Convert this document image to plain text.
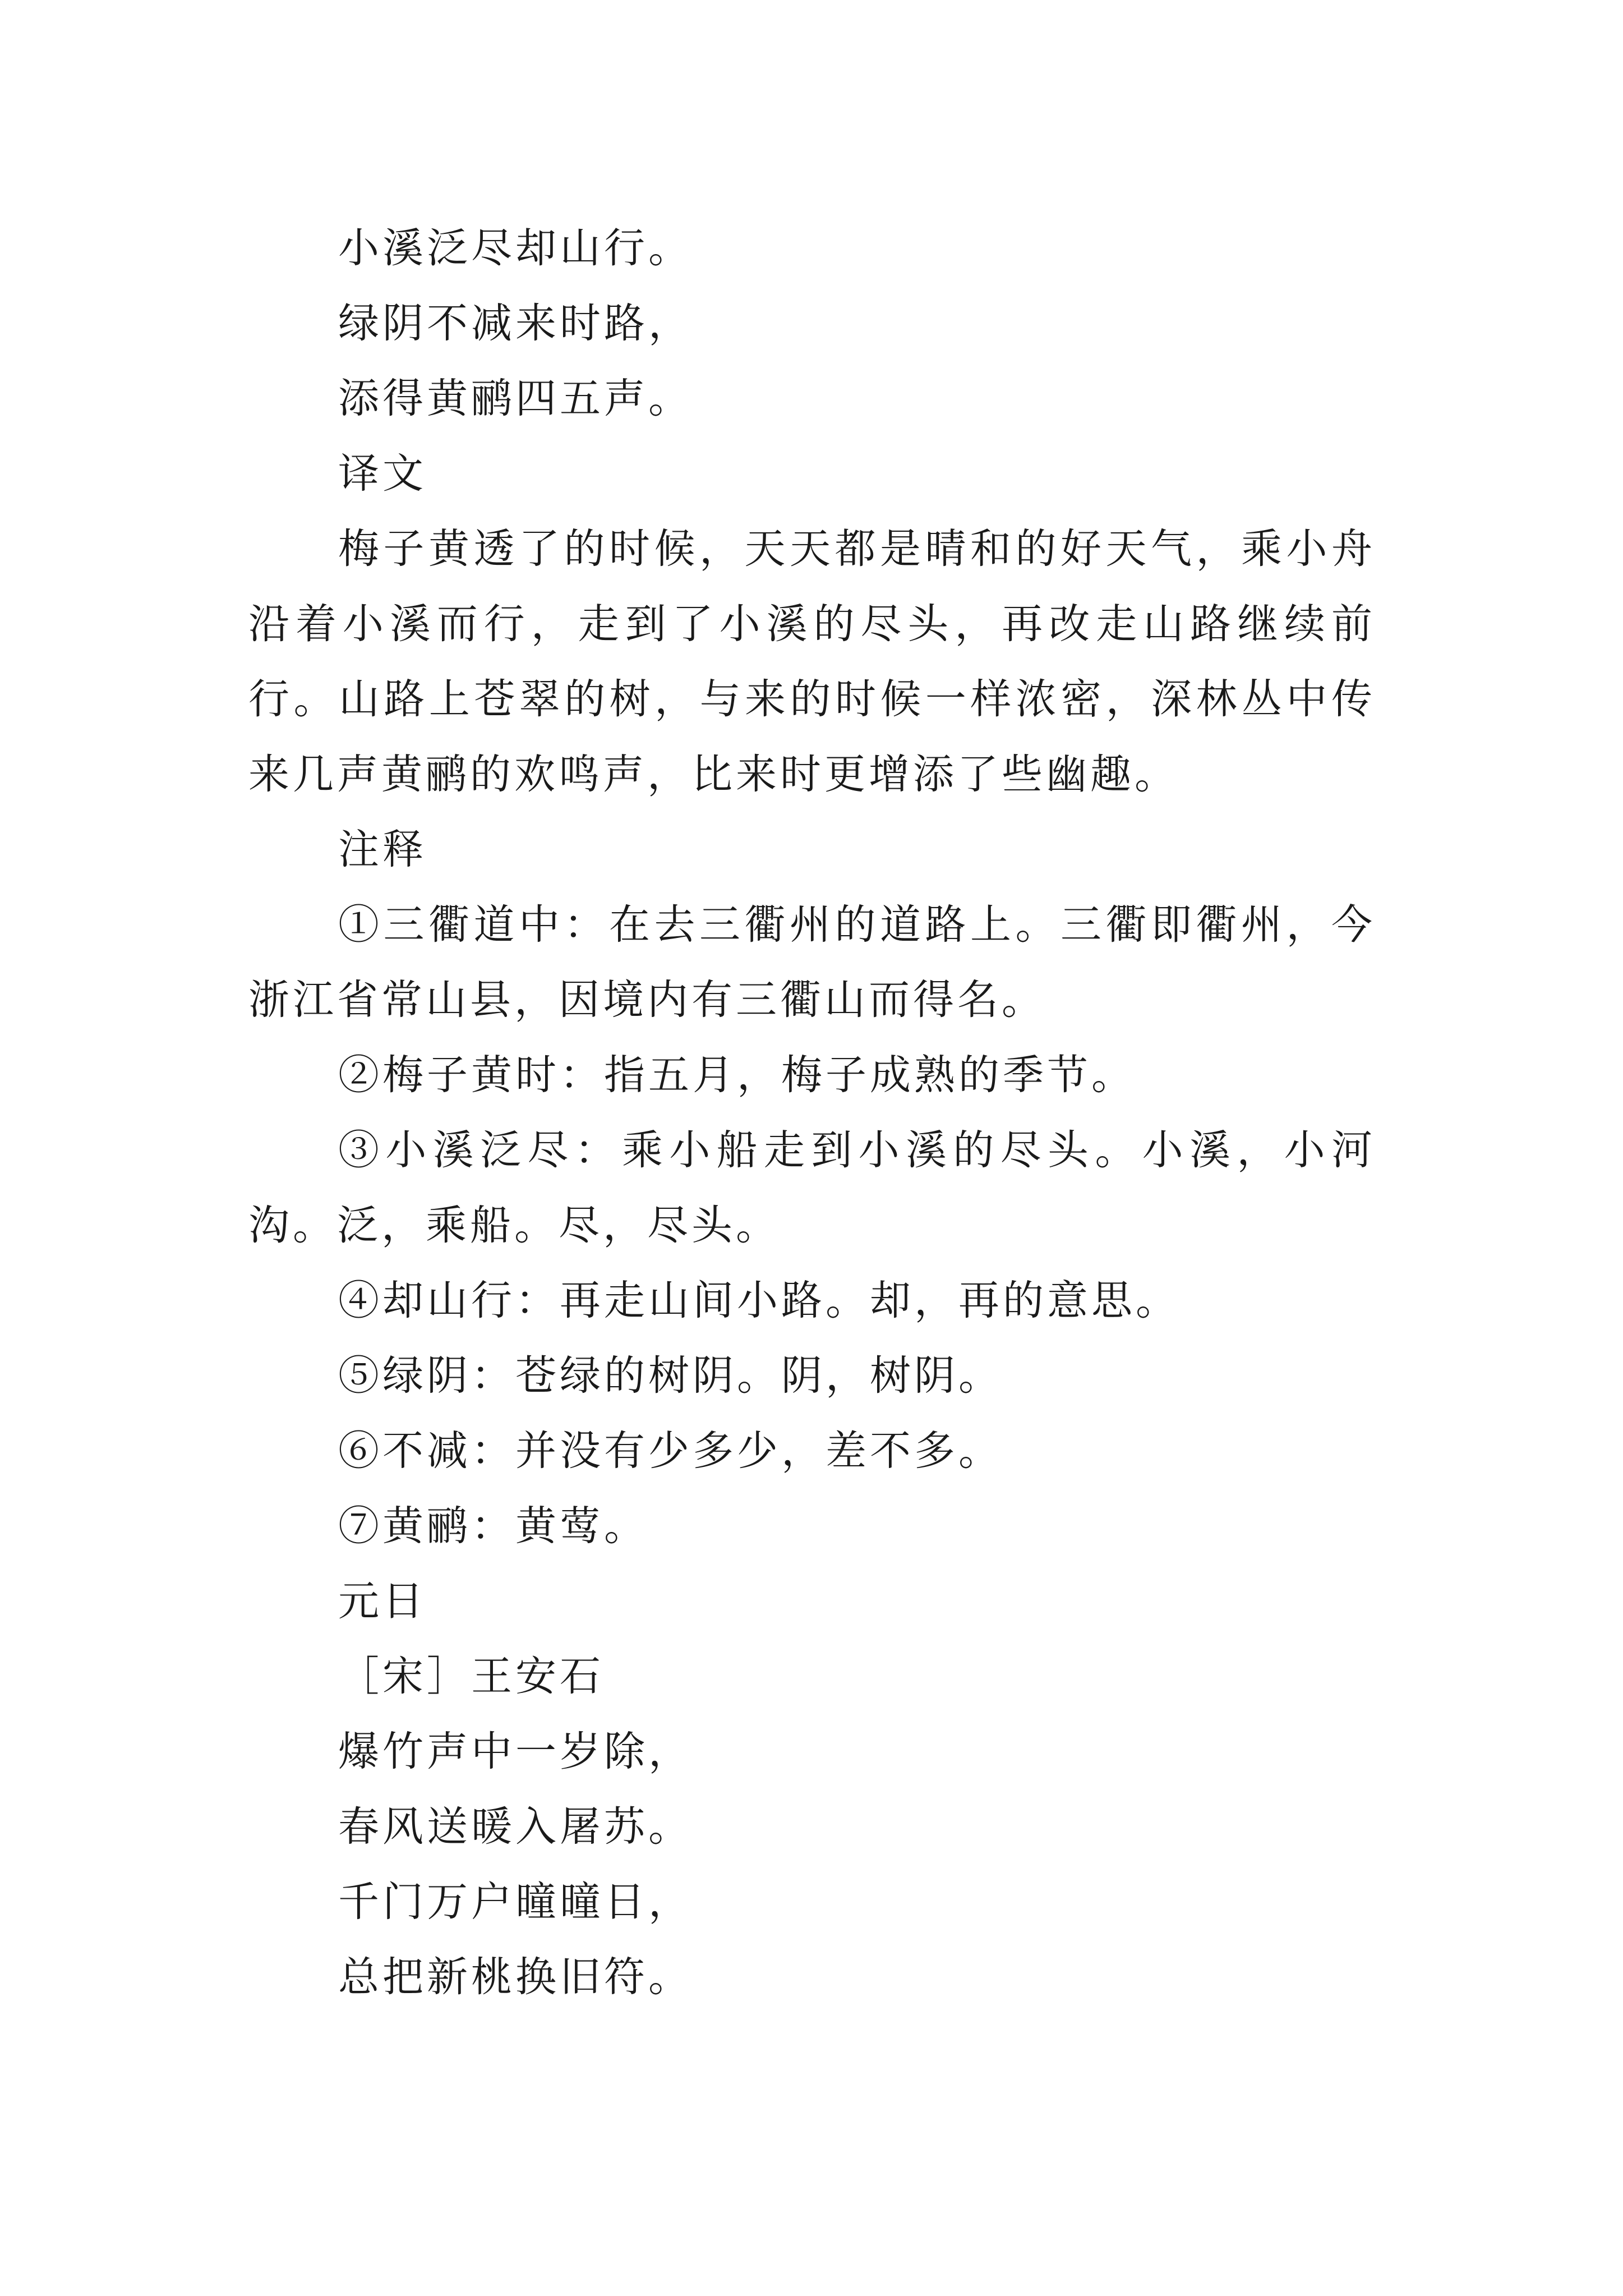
小溪泛尽却山行。

绿阴不减来时路，

添得黄鹂四五声。

译文

梅子黄透了的时候，天天都是晴和的好天气，乘小舟沿着小溪而行，走到了小溪的尽头，再改走山路继续前行。山路上苍翠的树，与来的时候一样浓密，深林丛中传来几声黄鹂的欢鸣声，比来时更增添了些幽趣。

注释

①三衢道中：在去三衢州的道路上。三衢即衢州，今浙江省常山县，因境内有三衢山而得名。

②梅子黄时：指五月，梅子成熟的季节。

③小溪泛尽：乘小船走到小溪的尽头。小溪，小河沟。泛，乘船。尽，尽头。

④却山行：再走山间小路。却，再的意思。

⑤绿阴：苍绿的树阴。阴，树阴。

⑥不减：并没有少多少，差不多。

⑦黄鹂：黄莺。

元日

［宋］王安石

爆竹声中一岁除，

春风送暖入屠苏。

千门万户曈曈日，

总把新桃换旧符。
